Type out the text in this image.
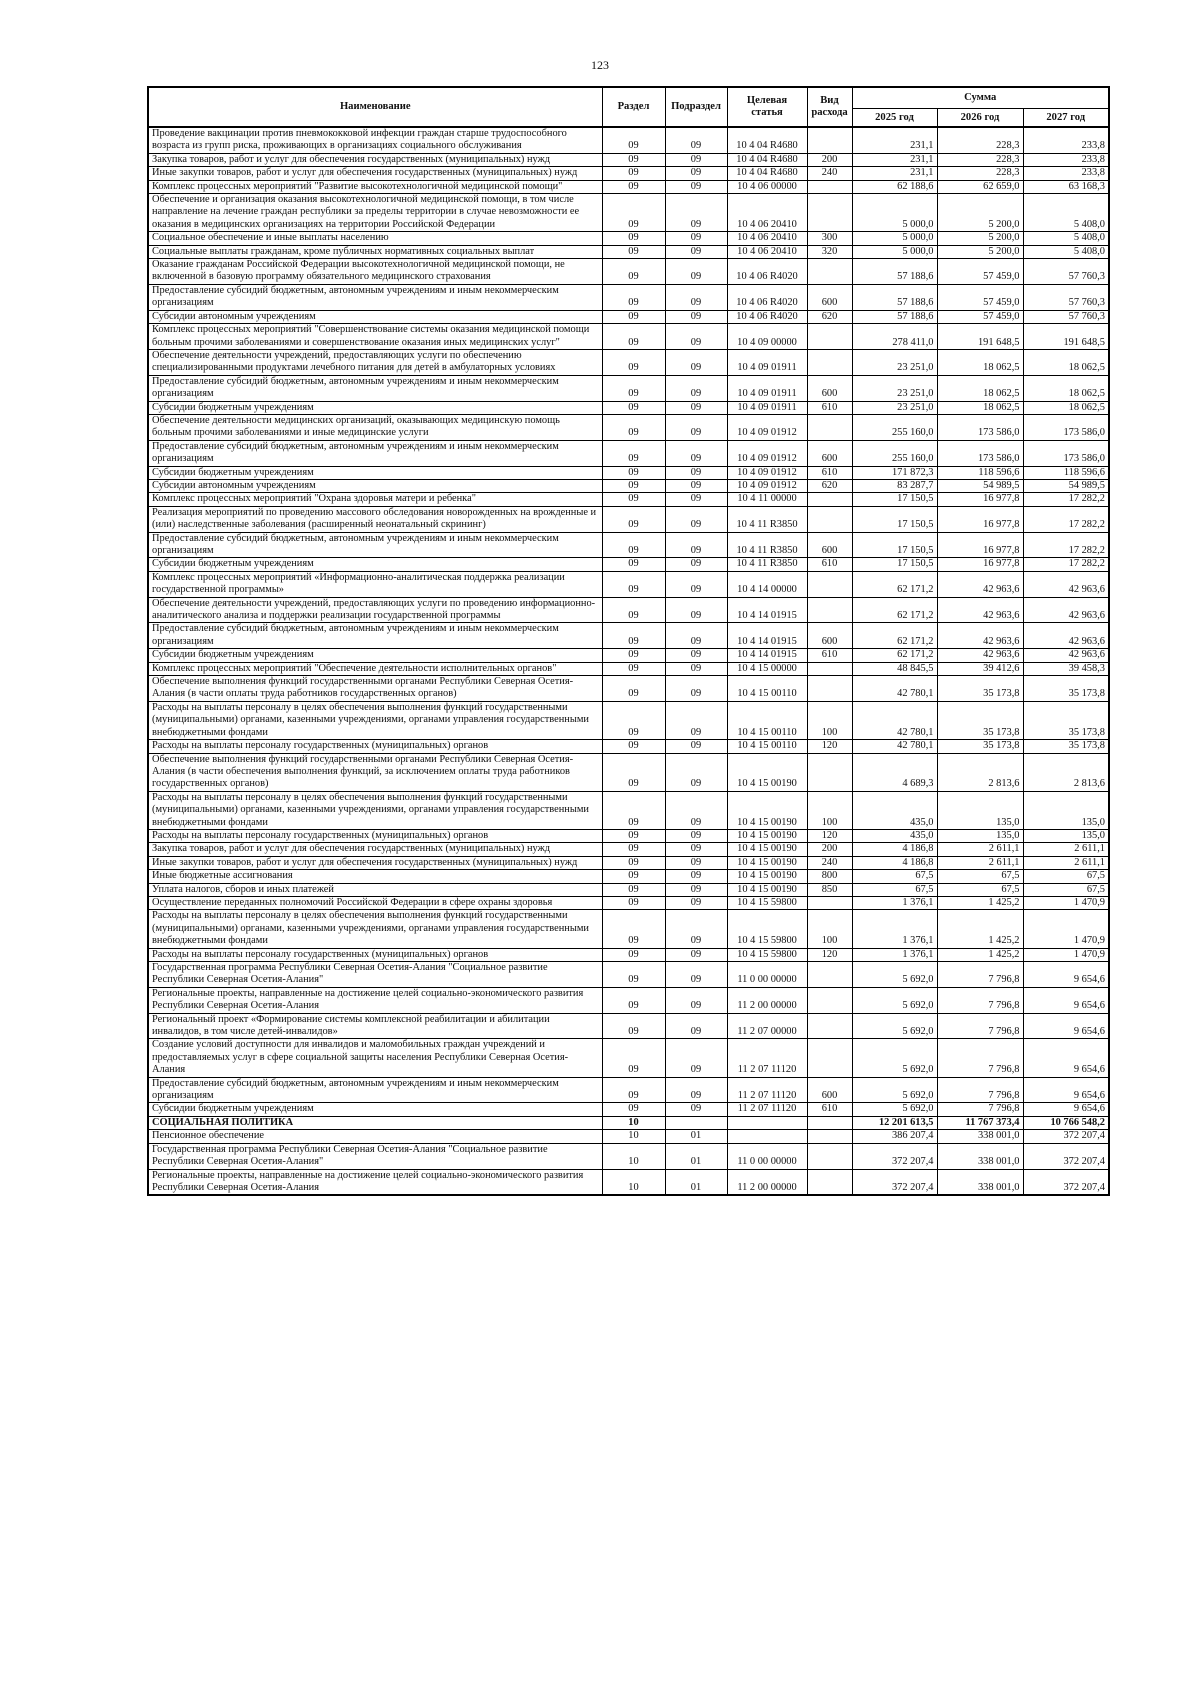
123
Наименование	Раздел	Подраздел	Целевая статья	Вид расхода	Сумма		
					2025 год	2026 год	2027 год
Проведение вакцинации против пневмококковой инфекции граждан старше трудоспособного возраста из групп риска, проживающих в организациях социального обслуживания	09	09	10 4 04 R4680		231,1	228,3	233,8
Закупка товаров, работ и услуг для обеспечения государственных (муниципальных) нужд	09	09	10 4 04 R4680	200	231,1	228,3	233,8
Иные закупки товаров, работ и услуг для обеспечения государственных (муниципальных) нужд	09	09	10 4 04 R4680	240	231,1	228,3	233,8
Комплекс процессных мероприятий "Развитие высокотехнологичной медицинской помощи"	09	09	10 4 06 00000		62 188,6	62 659,0	63 168,3
Обеспечение и организация оказания высокотехнологичной медицинской помощи, в том числе направление на лечение граждан республики за пределы территории в случае невозможности ее оказания в медицинских организациях на территории Российской Федерации	09	09	10 4 06 20410		5 000,0	5 200,0	5 408,0
Социальное обеспечение и иные выплаты населению	09	09	10 4 06 20410	300	5 000,0	5 200,0	5 408,0
Социальные выплаты гражданам, кроме публичных нормативных социальных выплат	09	09	10 4 06 20410	320	5 000,0	5 200,0	5 408,0
Оказание гражданам Российской Федерации высокотехнологичной медицинской помощи, не включенной в базовую программу обязательного медицинского страхования	09	09	10 4 06 R4020		57 188,6	57 459,0	57 760,3
Предоставление субсидий бюджетным, автономным учреждениям и иным некоммерческим организациям	09	09	10 4 06 R4020	600	57 188,6	57 459,0	57 760,3
Субсидии автономным учреждениям	09	09	10 4 06 R4020	620	57 188,6	57 459,0	57 760,3
Комплекс процессных мероприятий "Совершенствование системы оказания медицинской помощи больным прочими заболеваниями и совершенствование оказания иных медицинских услуг"	09	09	10 4 09 00000		278 411,0	191 648,5	191 648,5
Обеспечение деятельности учреждений, предоставляющих услуги по обеспечению специализированными продуктами лечебного питания для детей в амбулаторных условиях	09	09	10 4 09 01911		23 251,0	18 062,5	18 062,5
Предоставление субсидий бюджетным, автономным учреждениям и иным некоммерческим организациям	09	09	10 4 09 01911	600	23 251,0	18 062,5	18 062,5
Субсидии бюджетным учреждениям	09	09	10 4 09 01911	610	23 251,0	18 062,5	18 062,5
Обеспечение деятельности медицинских организаций, оказывающих медицинскую помощь больным прочими заболеваниями и иные медицинские услуги	09	09	10 4 09 01912		255 160,0	173 586,0	173 586,0
Предоставление субсидий бюджетным, автономным учреждениям и иным некоммерческим организациям	09	09	10 4 09 01912	600	255 160,0	173 586,0	173 586,0
Субсидии бюджетным учреждениям	09	09	10 4 09 01912	610	171 872,3	118 596,6	118 596,6
Субсидии автономным учреждениям	09	09	10 4 09 01912	620	83 287,7	54 989,5	54 989,5
Комплекс процессных мероприятий "Охрана здоровья матери и ребенка"	09	09	10 4 11 00000		17 150,5	16 977,8	17 282,2
Реализация мероприятий по проведению массового обследования новорожденных на врожденные и (или) наследственные заболевания (расширенный неонатальный скрининг)	09	09	10 4 11 R3850		17 150,5	16 977,8	17 282,2
Предоставление субсидий бюджетным, автономным учреждениям и иным некоммерческим организациям	09	09	10 4 11 R3850	600	17 150,5	16 977,8	17 282,2
Субсидии бюджетным учреждениям	09	09	10 4 11 R3850	610	17 150,5	16 977,8	17 282,2
Комплекс процессных мероприятий «Информационно-аналитическая поддержка реализации государственной программы»	09	09	10 4 14 00000		62 171,2	42 963,6	42 963,6
Обеспечение деятельности учреждений, предоставляющих услуги по проведению информационно-аналитического анализа и поддержки реализации государственной программы	09	09	10 4 14 01915		62 171,2	42 963,6	42 963,6
Предоставление субсидий бюджетным, автономным учреждениям и иным некоммерческим организациям	09	09	10 4 14 01915	600	62 171,2	42 963,6	42 963,6
Субсидии бюджетным учреждениям	09	09	10 4 14 01915	610	62 171,2	42 963,6	42 963,6
Комплекс процессных мероприятий "Обеспечение деятельности исполнительных органов"	09	09	10 4 15 00000		48 845,5	39 412,6	39 458,3
Обеспечение выполнения функций государственными органами Республики Северная Осетия-Алания (в части оплаты труда работников государственных органов)	09	09	10 4 15 00110		42 780,1	35 173,8	35 173,8
Расходы на выплаты персоналу в целях обеспечения выполнения функций государственными (муниципальными) органами, казенными учреждениями, органами управления государственными внебюджетными фондами	09	09	10 4 15 00110	100	42 780,1	35 173,8	35 173,8
Расходы на выплаты персоналу государственных (муниципальных) органов	09	09	10 4 15 00110	120	42 780,1	35 173,8	35 173,8
Обеспечение выполнения функций государственными органами Республики Северная Осетия-Алания (в части обеспечения выполнения функций, за исключением оплаты труда работников государственных органов)	09	09	10 4 15 00190		4 689,3	2 813,6	2 813,6
Расходы на выплаты персоналу в целях обеспечения выполнения функций государственными (муниципальными) органами, казенными учреждениями, органами управления государственными внебюджетными фондами	09	09	10 4 15 00190	100	435,0	135,0	135,0
Расходы на выплаты персоналу государственных (муниципальных) органов	09	09	10 4 15 00190	120	435,0	135,0	135,0
Закупка товаров, работ и услуг для обеспечения государственных (муниципальных) нужд	09	09	10 4 15 00190	200	4 186,8	2 611,1	2 611,1
Иные закупки товаров, работ и услуг для обеспечения государственных (муниципальных) нужд	09	09	10 4 15 00190	240	4 186,8	2 611,1	2 611,1
Иные бюджетные ассигнования	09	09	10 4 15 00190	800	67,5	67,5	67,5
Уплата налогов, сборов и иных платежей	09	09	10 4 15 00190	850	67,5	67,5	67,5
Осуществление переданных полномочий Российской Федерации в сфере охраны здоровья	09	09	10 4 15 59800		1 376,1	1 425,2	1 470,9
Расходы на выплаты персоналу в целях обеспечения выполнения функций государственными (муниципальными) органами, казенными учреждениями, органами управления государственными внебюджетными фондами	09	09	10 4 15 59800	100	1 376,1	1 425,2	1 470,9
Расходы на выплаты персоналу государственных (муниципальных) органов	09	09	10 4 15 59800	120	1 376,1	1 425,2	1 470,9
Государственная программа Республики Северная Осетия-Алания "Социальное развитие Республики Северная Осетия-Алания"	09	09	11 0 00 00000		5 692,0	7 796,8	9 654,6
Региональные проекты, направленные на достижение целей социально-экономического развития Республики Северная Осетия-Алания	09	09	11 2 00 00000		5 692,0	7 796,8	9 654,6
Региональный проект «Формирование системы комплексной реабилитации и абилитации инвалидов, в том числе детей-инвалидов»	09	09	11 2 07 00000		5 692,0	7 796,8	9 654,6
Создание условий доступности для инвалидов и маломобильных граждан учреждений и предоставляемых услуг в сфере социальной защиты населения Республики Северная Осетия-Алания	09	09	11 2 07 11120		5 692,0	7 796,8	9 654,6
Предоставление субсидий бюджетным, автономным учреждениям и иным некоммерческим организациям	09	09	11 2 07 11120	600	5 692,0	7 796,8	9 654,6
Субсидии бюджетным учреждениям	09	09	11 2 07 11120	610	5 692,0	7 796,8	9 654,6
СОЦИАЛЬНАЯ ПОЛИТИКА	10				12 201 613,5	11 767 373,4	10 766 548,2
Пенсионное обеспечение	10	01			386 207,4	338 001,0	372 207,4
Государственная программа Республики Северная Осетия-Алания "Социальное развитие Республики Северная Осетия-Алания"	10	01	11 0 00 00000		372 207,4	338 001,0	372 207,4
Региональные проекты, направленные на достижение целей социально-экономического развития Республики Северная Осетия-Алания	10	01	11 2 00 00000		372 207,4	338 001,0	372 207,4
